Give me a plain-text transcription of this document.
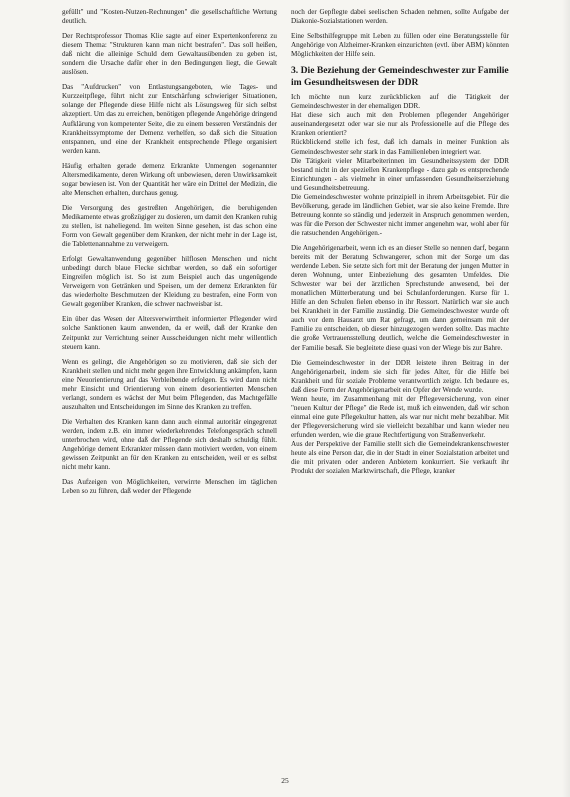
gefüllt" und "Kosten-Nutzen-Rechnungen" die gesellschaftliche Wertung deutlich.

Der Rechtsprofessor Thomas Klie sagte auf einer Expertenkonferenz zu diesem Thema: "Strukturen kann man nicht bestrafen". Das soll heißen, daß nicht die alleinige Schuld dem Gewaltausübenden zu geben ist, sondern die Ursache dafür eher in den Bedingungen liegt, die Gewalt auslösen.

Das "Aufdrucken" von Entlastungsangeboten, wie Tages- und Kurzzeitpflege, führt nicht zur Entschärfung schwieriger Situationen, solange der Pflegende diese Hilfe nicht als Lösungsweg für sich selbst akzeptiert. Um das zu erreichen, benötigen pflegende Angehörige dringend Aufklärung von kompetenter Seite, die zu einem besseren Verständnis der Krankheitssymptome der Demenz verhelfen, so daß sich die Situation entspannen, und eine der Krankheit entsprechende Pflege organisiert werden kann.

Häufig erhalten gerade demenz Erkrankte Unmengen sogenannter Altersmedikamente, deren Wirkung oft unbewiesen, deren Unwirksamkeit sogar bewiesen ist. Von der Quantität her wäre ein Drittel der Medizin, die alte Menschen erhalten, durchaus genug.

Die Versorgung des gestreßten Angehörigen, die beruhigenden Medikamente etwas großzügiger zu dosieren, um damit den Kranken ruhig zu stellen, ist naheliegend. Im weiten Sinne gesehen, ist das schon eine Form von Gewalt gegenüber dem Kranken, der nicht mehr in der Lage ist, die Tablettenannahme zu verweigern.

Erfolgt Gewaltanwendung gegenüber hilflosen Menschen und nicht unbedingt durch blaue Flecke sichtbar werden, so daß ein sofortiger Eingreifen möglich ist. So ist zum Beispiel auch das ungenügende Verweigern von Getränken und Speisen, um der demenz Erkrankten für das wiederholte Beschmutzen der Kleidung zu bestrafen, eine Form von Gewalt gegenüber Kranken, die schwer nachweisbar ist.

Ein über das Wesen der Altersverwirrtheit informierter Pflegender wird solche Sanktionen kaum anwenden, da er weiß, daß der Kranke den Zeitpunkt zur Verrichtung seiner Ausscheidungen nicht mehr willentlich steuern kann.

Wenn es gelingt, die Angehörigen so zu motivieren, daß sie sich der Krankheit stellen und nicht mehr gegen ihre Entwicklung ankämpfen, kann eine Neuorientierung auf das Verbleibende erfolgen. Es wird dann nicht mehr Einsicht und Orientierung von einem desorientierten Menschen verlangt, sondern es wächst der Mut beim Pflegenden, das Machtgefälle auszuhalten und Entscheidungen im Sinne des Kranken zu treffen.

Die Verhalten des Kranken kann dann auch einmal autoritär eingegrenzt werden, indem z.B. ein immer wiederkehrendes Telefongespräch schnell unterbrochen wird, ohne daß der Pflegende sich deshalb schuldig fühlt. Angehörige dement Erkrankter müssen dann motiviert werden, von einem gewissen Zeitpunkt an für den Kranken zu entscheiden, weil er es selbst nicht mehr kann.

Das Aufzeigen von Möglichkeiten, verwirrte Menschen im täglichen Leben so zu führen, daß weder der Pflegende

noch der Gepflegte dabei seelischen Schaden nehmen, sollte Aufgabe der Diakonie-Sozialstationen werden.

Eine Selbsthilfegruppe mit Leben zu füllen oder eine Beratungsstelle für Angehörige von Alzheimer-Kranken einzurichten (evtl. über ABM) könnten Möglichkeiten der Hilfe sein.

3. Die Beziehung der Gemeindeschwester zur Familie im Gesundheitswesen der DDR

Ich möchte nun kurz zurückblicken auf die Tätigkeit der Gemeindeschwester in der ehemaligen DDR.
Hat diese sich auch mit den Problemen pflegender Angehöriger auseinandergesetzt oder war sie nur als Professionelle auf die Pflege des Kranken orientiert?
Rückblickend stelle ich fest, daß ich damals in meiner Funktion als Gemeindeschwester sehr stark in das Familienleben integriert war.
Die Tätigkeit vieler Mitarbeiterinnen im Gesundheitssystem der DDR bestand nicht in der speziellen Krankenpflege - dazu gab es entsprechende Einrichtungen - als vielmehr in einer umfassenden Gesundheitserziehung und Gesundheitsbetreuung.
Die Gemeindeschwester wohnte prinzipiell in ihrem Arbeitsgebiet. Für die Bevölkerung, gerade im ländlichen Gebiet, war sie also keine Fremde. Ihre Betreuung konnte so ständig und jederzeit in Anspruch genommen werden, was für die Person der Schwester nicht immer angenehm war, wohl aber für die ratsuchenden Angehörigen.-

Die Angehörigenarbeit, wenn ich es an dieser Stelle so nennen darf, begann bereits mit der Beratung Schwangerer, schon mit der Sorge um das werdende Leben. Sie setzte sich fort mit der Beratung der jungen Mutter in deren Wohnung, unter Einbeziehung des gesamten Umfeldes. Die Schwester war bei der ärztlichen Sprechstunde anwesend, bei der monatlichen Mütterberatung und bei Schulanforderungen. Kurse für 1. Hilfe an den Schulen fielen ebenso in ihr Ressort. Natürlich war sie auch bei Krankheit in der Familie zuständig. Die Gemeindeschwester wurde oft auch vor dem Hausarzt um Rat gefragt, um dann gemeinsam mit der Familie zu entscheiden, ob dieser hinzugezogen werden sollte. Das machte die große Vertrauensstellung deutlich, welche die Gemeindeschwester in der Familie besaß. Sie begleitete diese quasi von der Wiege bis zur Bahre.

Die Gemeindeschwester in der DDR leistete ihren Beitrag in der Angehörigenarbeit, indem sie sich für jedes Alter, für die Hilfe bei Krankheit und für soziale Probleme verantwortlich zeigte. Ich bedaure es, daß diese Form der Angehörigenarbeit ein Opfer der Wende wurde.
Wenn heute, im Zusammenhang mit der Pflegeversicherung, von einer "neuen Kultur der Pflege" die Rede ist, muß ich einwenden, daß wir schon einmal eine gute Pflegekultur hatten, als war nur nicht mehr bezahlbar. Mit der Pflegeversicherung wird sie vielleicht bezahlbar und kann wieder neu erfunden werden, wie die graue Rechtfertigung von Straßenverkehr.
Aus der Perspektive der Familie stellt sich die Gemeindekrankenschwester heute als eine Person dar, die in der Stadt in einer Sozialstation arbeitet und die mit privaten oder anderen Anbietern konkurriert. Sie verkauft ihr Produkt der sozialen Marktwirtschaft, die Pflege, kranker

25
